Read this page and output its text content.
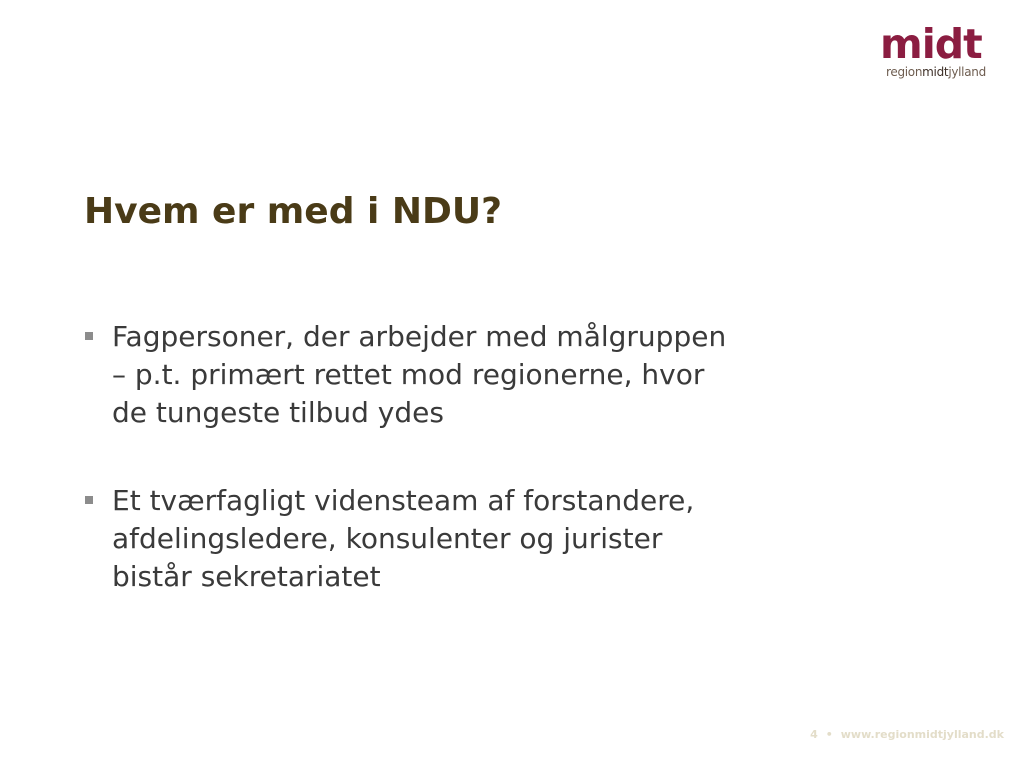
midt
regionmidtjylland
Hvem er med i NDU?
Fagpersoner, der arbejder med målgruppen
– p.t. primært rettet mod regionerne, hvor
de tungeste tilbud ydes
Et tværfagligt vidensteam af forstandere,
afdelingsledere, konsulenter og jurister
bistår sekretariatet
4 • www.regionmidtjylland.dk
